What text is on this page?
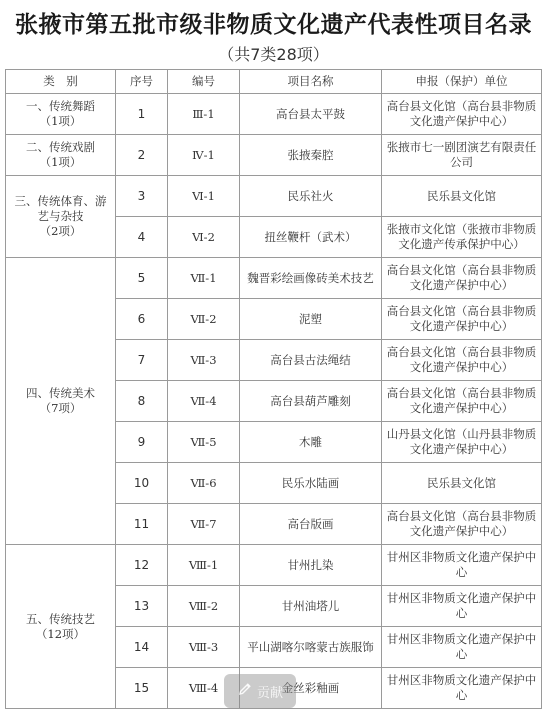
张掖市第五批市级非物质文化遗产代表性项目名录
（共7类28项）
类　别	序号	编号	项目名称	申报（保护）单位

一、传统舞蹈
（1项）	1	Ⅲ-1	高台县太平鼓	高台县文化馆（高台县非物质文化遗产保护中心）

二、传统戏剧
（1项）	2	Ⅳ-1	张掖秦腔	张掖市七一剧团演艺有限责任公司

三、传统体育、游艺与杂技
（2项）	3	Ⅵ-1	民乐社火	民乐县文化馆
	4	Ⅵ-2	扭丝鞭杆（武术）	张掖市文化馆（张掖市非物质文化遗产传承保护中心）

四、传统美术
（7项）	5	Ⅶ-1	魏晋彩绘画像砖美术技艺	高台县文化馆（高台县非物质文化遗产保护中心）
	6	Ⅶ-2	泥塑	高台县文化馆（高台县非物质文化遗产保护中心）
	7	Ⅶ-3	高台县古法绳结	高台县文化馆（高台县非物质文化遗产保护中心）
	8	Ⅶ-4	高台县葫芦雕刻	高台县文化馆（高台县非物质文化遗产保护中心）
	9	Ⅶ-5	木雕	山丹县文化馆（山丹县非物质文化遗产保护中心）
	10	Ⅶ-6	民乐水陆画	民乐县文化馆
	11	Ⅶ-7	高台版画	高台县文化馆（高台县非物质文化遗产保护中心）

五、传统技艺
（12项）	12	Ⅷ-1	甘州扎染	甘州区非物质文化遗产保护中心
	13	Ⅷ-2	甘州油塔儿	甘州区非物质文化遗产保护中心
	14	Ⅷ-3	平山湖喀尔喀蒙古族服饰	甘州区非物质文化遗产保护中心
	15	Ⅷ-4	金丝彩釉画	甘州区非物质文化遗产保护中心
贡献
